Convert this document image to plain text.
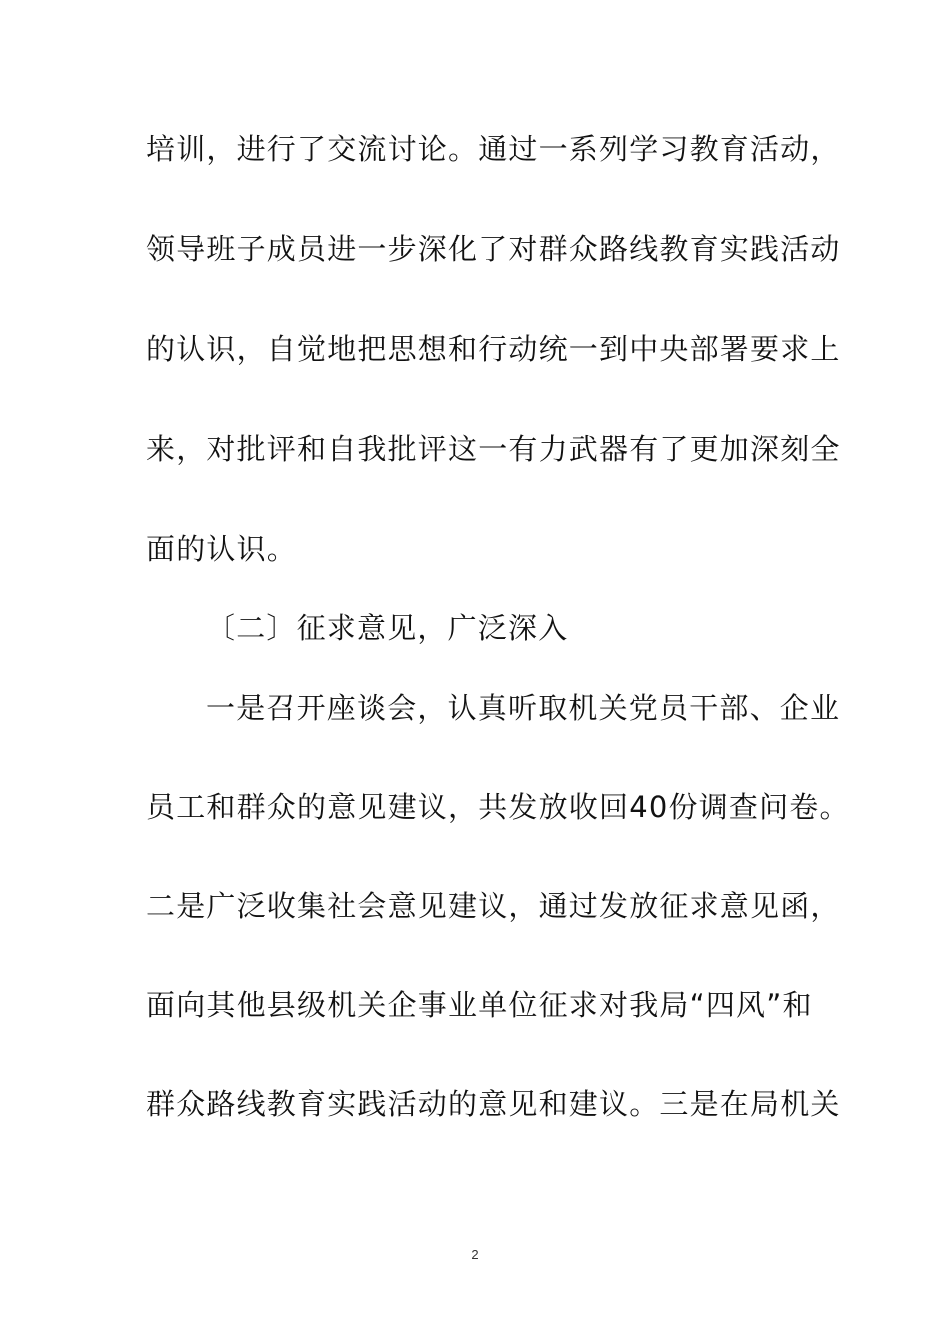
培训，进行了交流讨论。通过一系列学习教育活动，
领导班子成员进一步深化了对群众路线教育实践活动
的认识，自觉地把思想和行动统一到中央部署要求上
来，对批评和自我批评这一有力武器有了更加深刻全
面的认识。
〔二〕征求意见，广泛深入
一是召开座谈会，认真听取机关党员干部、企业
员工和群众的意见建议，共发放收回40份调查问卷。
二是广泛收集社会意见建议，通过发放征求意见函，
面向其他县级机关企事业单位征求对我局“四风”和
群众路线教育实践活动的意见和建议。三是在局机关
2
